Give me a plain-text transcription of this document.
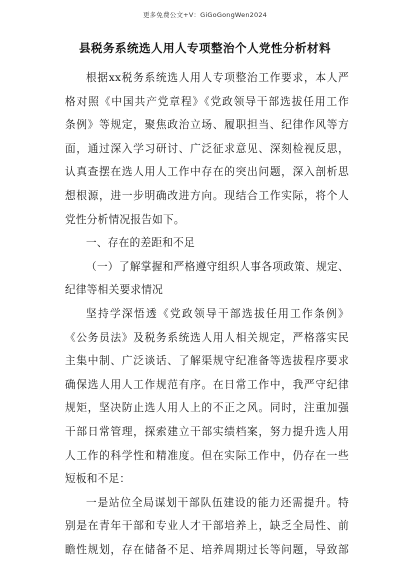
更多免费公文+V：GiGoGongWen2024
县税务系统选人用人专项整治个人党性分析材料
根据xx税务系统选人用人专项整治工作要求，本人严
格对照《中国共产党章程》《党政领导干部选拔任用工作
条例》等规定，聚焦政治立场、履职担当、纪律作风等方
面，通过深入学习研讨、广泛征求意见、深刻检视反思，
认真查摆在选人用人工作中存在的突出问题，深入剖析思
想根源，进一步明确改进方向。现结合工作实际，将个人
党性分析情况报告如下。
一、存在的差距和不足
（一）了解掌握和严格遵守组织人事各项政策、规定、
纪律等相关要求情况
坚持学深悟透《党政领导干部选拔任用工作条例》
《公务员法》及税务系统选人用人相关规定，严格落实民
主集中制、广泛谈话、了解渠规守纪准备等选拔程序要求
确保选人用人工作规范有序。在日常工作中，我严守纪律
规矩，坚决防止选人用人上的不正之风。同时，注重加强
干部日常管理，探索建立干部实绩档案，努力提升选人用
人工作的科学性和精准度。但在实际工作中，仍存在一些
短板和不足：
一是站位全局谋划干部队伍建设的能力还需提升。特
别是在青年干部和专业人才干部培养上，缺乏全局性、前
瞻性规划，存在储备不足、培养周期过长等问题，导致部
